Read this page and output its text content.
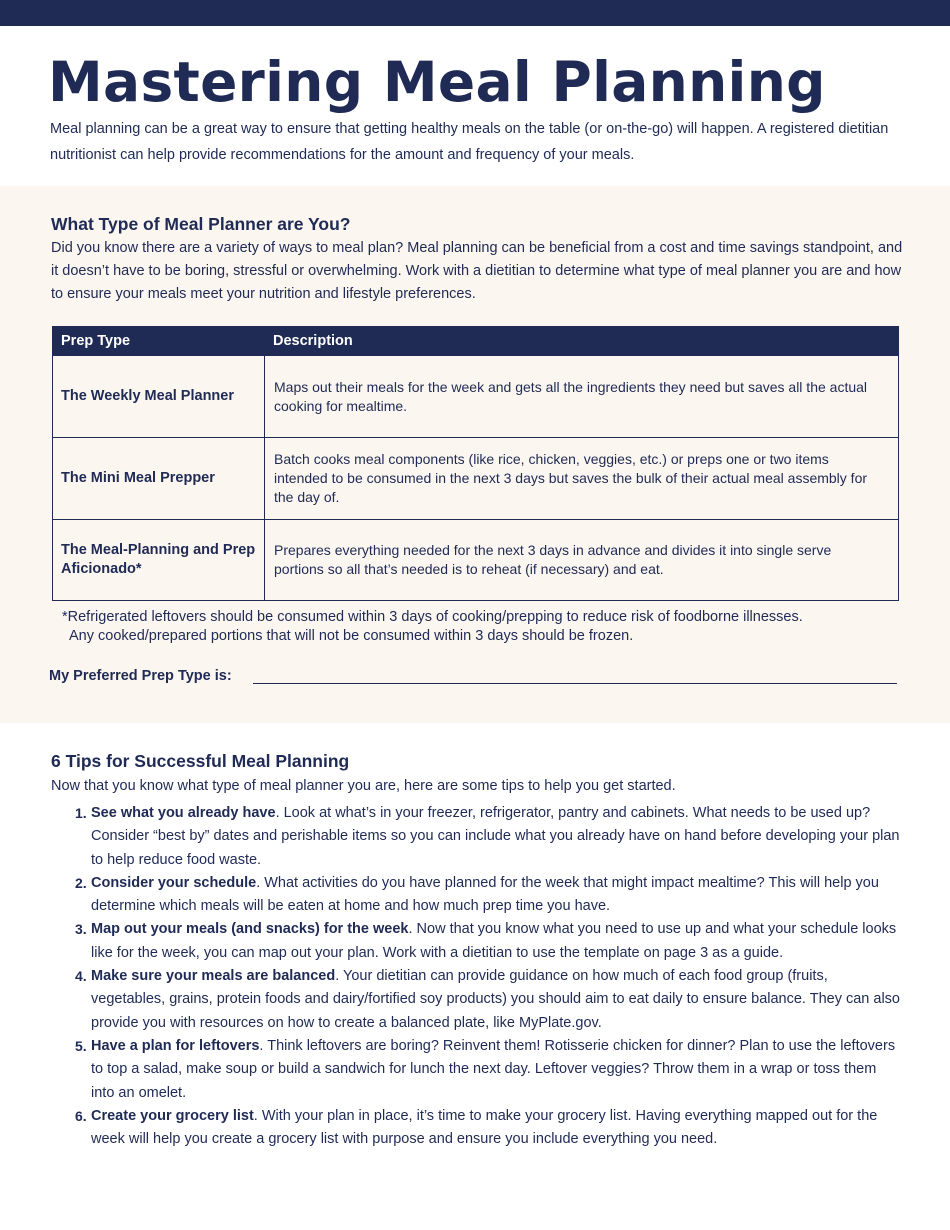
Mastering Meal Planning

Meal planning can be a great way to ensure that getting healthy meals on the table (or on-the-go) will happen. A registered dietitian nutritionist can help provide recommendations for the amount and frequency of your meals.

What Type of Meal Planner are You?

Did you know there are a variety of ways to meal plan? Meal planning can be beneficial from a cost and time savings standpoint, and it doesn’t have to be boring, stressful or overwhelming. Work with a dietitian to determine what type of meal planner you are and how to ensure your meals meet your nutrition and lifestyle preferences.

Prep Type	Description
The Weekly Meal Planner	Maps out their meals for the week and gets all the ingredients they need but saves all the actual cooking for mealtime.
The Mini Meal Prepper	Batch cooks meal components (like rice, chicken, veggies, etc.) or preps one or two items intended to be consumed in the next 3 days but saves the bulk of their actual meal assembly for the day of.
The Meal-Planning and Prep Aficionado*	Prepares everything needed for the next 3 days in advance and divides it into single serve portions so all that’s needed is to reheat (if necessary) and eat.

*Refrigerated leftovers should be consumed within 3 days of cooking/prepping to reduce risk of foodborne illnesses.
Any cooked/prepared portions that will not be consumed within 3 days should be frozen.

My Preferred Prep Type is:

6 Tips for Successful Meal Planning

Now that you know what type of meal planner you are, here are some tips to help you get started.

1. See what you already have. Look at what’s in your freezer, refrigerator, pantry and cabinets. What needs to be used up? Consider “best by” dates and perishable items so you can include what you already have on hand before developing your plan to help reduce food waste.
2. Consider your schedule. What activities do you have planned for the week that might impact mealtime? This will help you determine which meals will be eaten at home and how much prep time you have.
3. Map out your meals (and snacks) for the week. Now that you know what you need to use up and what your schedule looks like for the week, you can map out your plan. Work with a dietitian to use the template on page 3 as a guide.
4. Make sure your meals are balanced. Your dietitian can provide guidance on how much of each food group (fruits, vegetables, grains, protein foods and dairy/fortified soy products) you should aim to eat daily to ensure balance. They can also provide you with resources on how to create a balanced plate, like MyPlate.gov.
5. Have a plan for leftovers. Think leftovers are boring? Reinvent them! Rotisserie chicken for dinner? Plan to use the leftovers to top a salad, make soup or build a sandwich for lunch the next day. Leftover veggies? Throw them in a wrap or toss them into an omelet.
6. Create your grocery list. With your plan in place, it’s time to make your grocery list. Having everything mapped out for the week will help you create a grocery list with purpose and ensure you include everything you need.
